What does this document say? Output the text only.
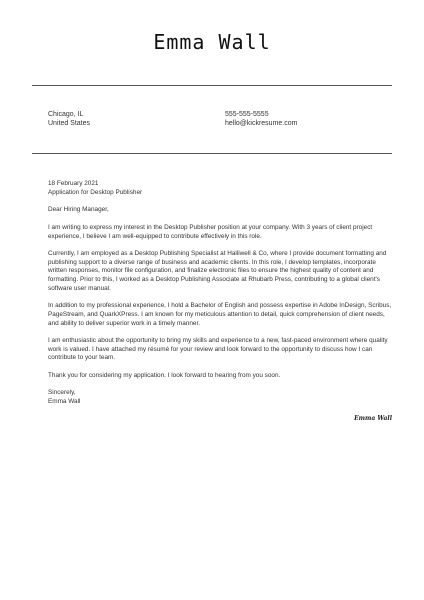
Emma Wall
Chicago, IL
United States
555-555-5555
hello@kickresume.com
18 February 2021
Application for Desktop Publisher

Dear Hiring Manager,

I am writing to express my interest in the Desktop Publisher position at your company. With 3 years of client project experience, I believe I am well-equipped to contribute effectively in this role.

Currently, I am employed as a Desktop Publishing Specialist at Halliwell & Co, where I provide document formatting and publishing support to a diverse range of business and academic clients. In this role, I develop templates, incorporate written responses, monitor file configuration, and finalize electronic files to ensure the highest quality of content and formatting. Prior to this, I worked as a Desktop Publishing Associate at Rhubarb Press, contributing to a global client's software user manual.

In addition to my professional experience, I hold a Bachelor of English and possess expertise in Adobe InDesign, Scribus, PageStream, and QuarkXPress. I am known for my meticulous attention to detail, quick comprehension of client needs, and ability to deliver superior work in a timely manner.

I am enthusiastic about the opportunity to bring my skills and experience to a new, fast-paced environment where quality work is valued. I have attached my résumé for your review and look forward to the opportunity to discuss how I can contribute to your team.

Thank you for considering my application. I look forward to hearing from you soon.

Sincerely,
Emma Wall
Emma Wall
